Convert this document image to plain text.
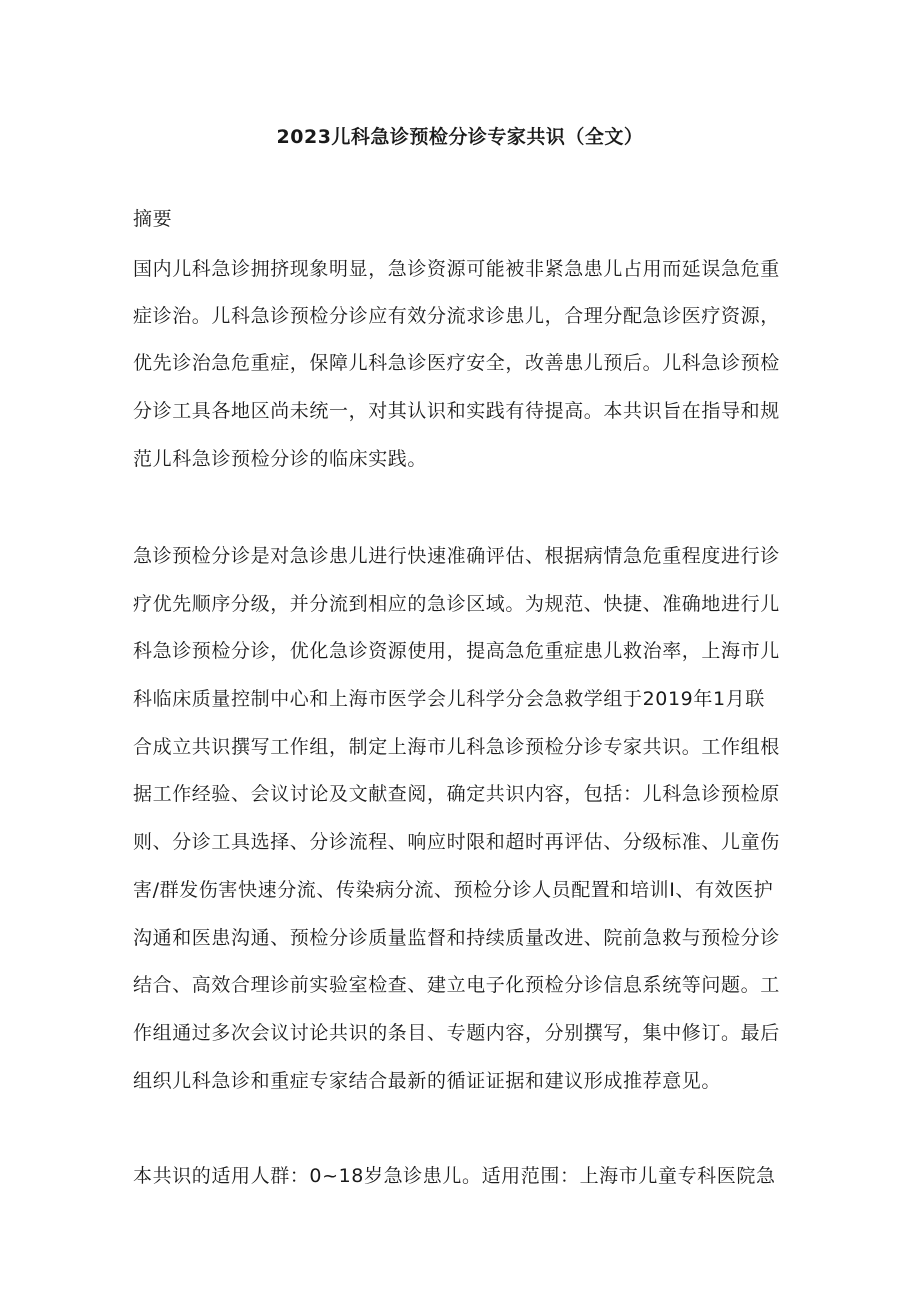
2023儿科急诊预检分诊专家共识（全文）
摘要
国内儿科急诊拥挤现象明显，急诊资源可能被非紧急患儿占用而延误急危重
症诊治。儿科急诊预检分诊应有效分流求诊患儿，合理分配急诊医疗资源，
优先诊治急危重症，保障儿科急诊医疗安全，改善患儿预后。儿科急诊预检
分诊工具各地区尚未统一，对其认识和实践有待提高。本共识旨在指导和规
范儿科急诊预检分诊的临床实践。
急诊预检分诊是对急诊患儿进行快速准确评估、根据病情急危重程度进行诊
疗优先顺序分级，并分流到相应的急诊区域。为规范、快捷、准确地进行儿
科急诊预检分诊，优化急诊资源使用，提高急危重症患儿救治率，上海市儿
科临床质量控制中心和上海市医学会儿科学分会急救学组于2019年1月联
合成立共识撰写工作组，制定上海市儿科急诊预检分诊专家共识。工作组根
据工作经验、会议讨论及文献查阅，确定共识内容，包括：儿科急诊预检原
则、分诊工具选择、分诊流程、响应时限和超时再评估、分级标准、儿童伤
害/群发伤害快速分流、传染病分流、预检分诊人员配置和培训I、有效医护
沟通和医患沟通、预检分诊质量监督和持续质量改进、院前急救与预检分诊
结合、高效合理诊前实验室检查、建立电子化预检分诊信息系统等问题。工
作组通过多次会议讨论共识的条目、专题内容，分别撰写，集中修订。最后
组织儿科急诊和重症专家结合最新的循证证据和建议形成推荐意见。
本共识的适用人群：0~18岁急诊患儿。适用范围：上海市儿童专科医院急
